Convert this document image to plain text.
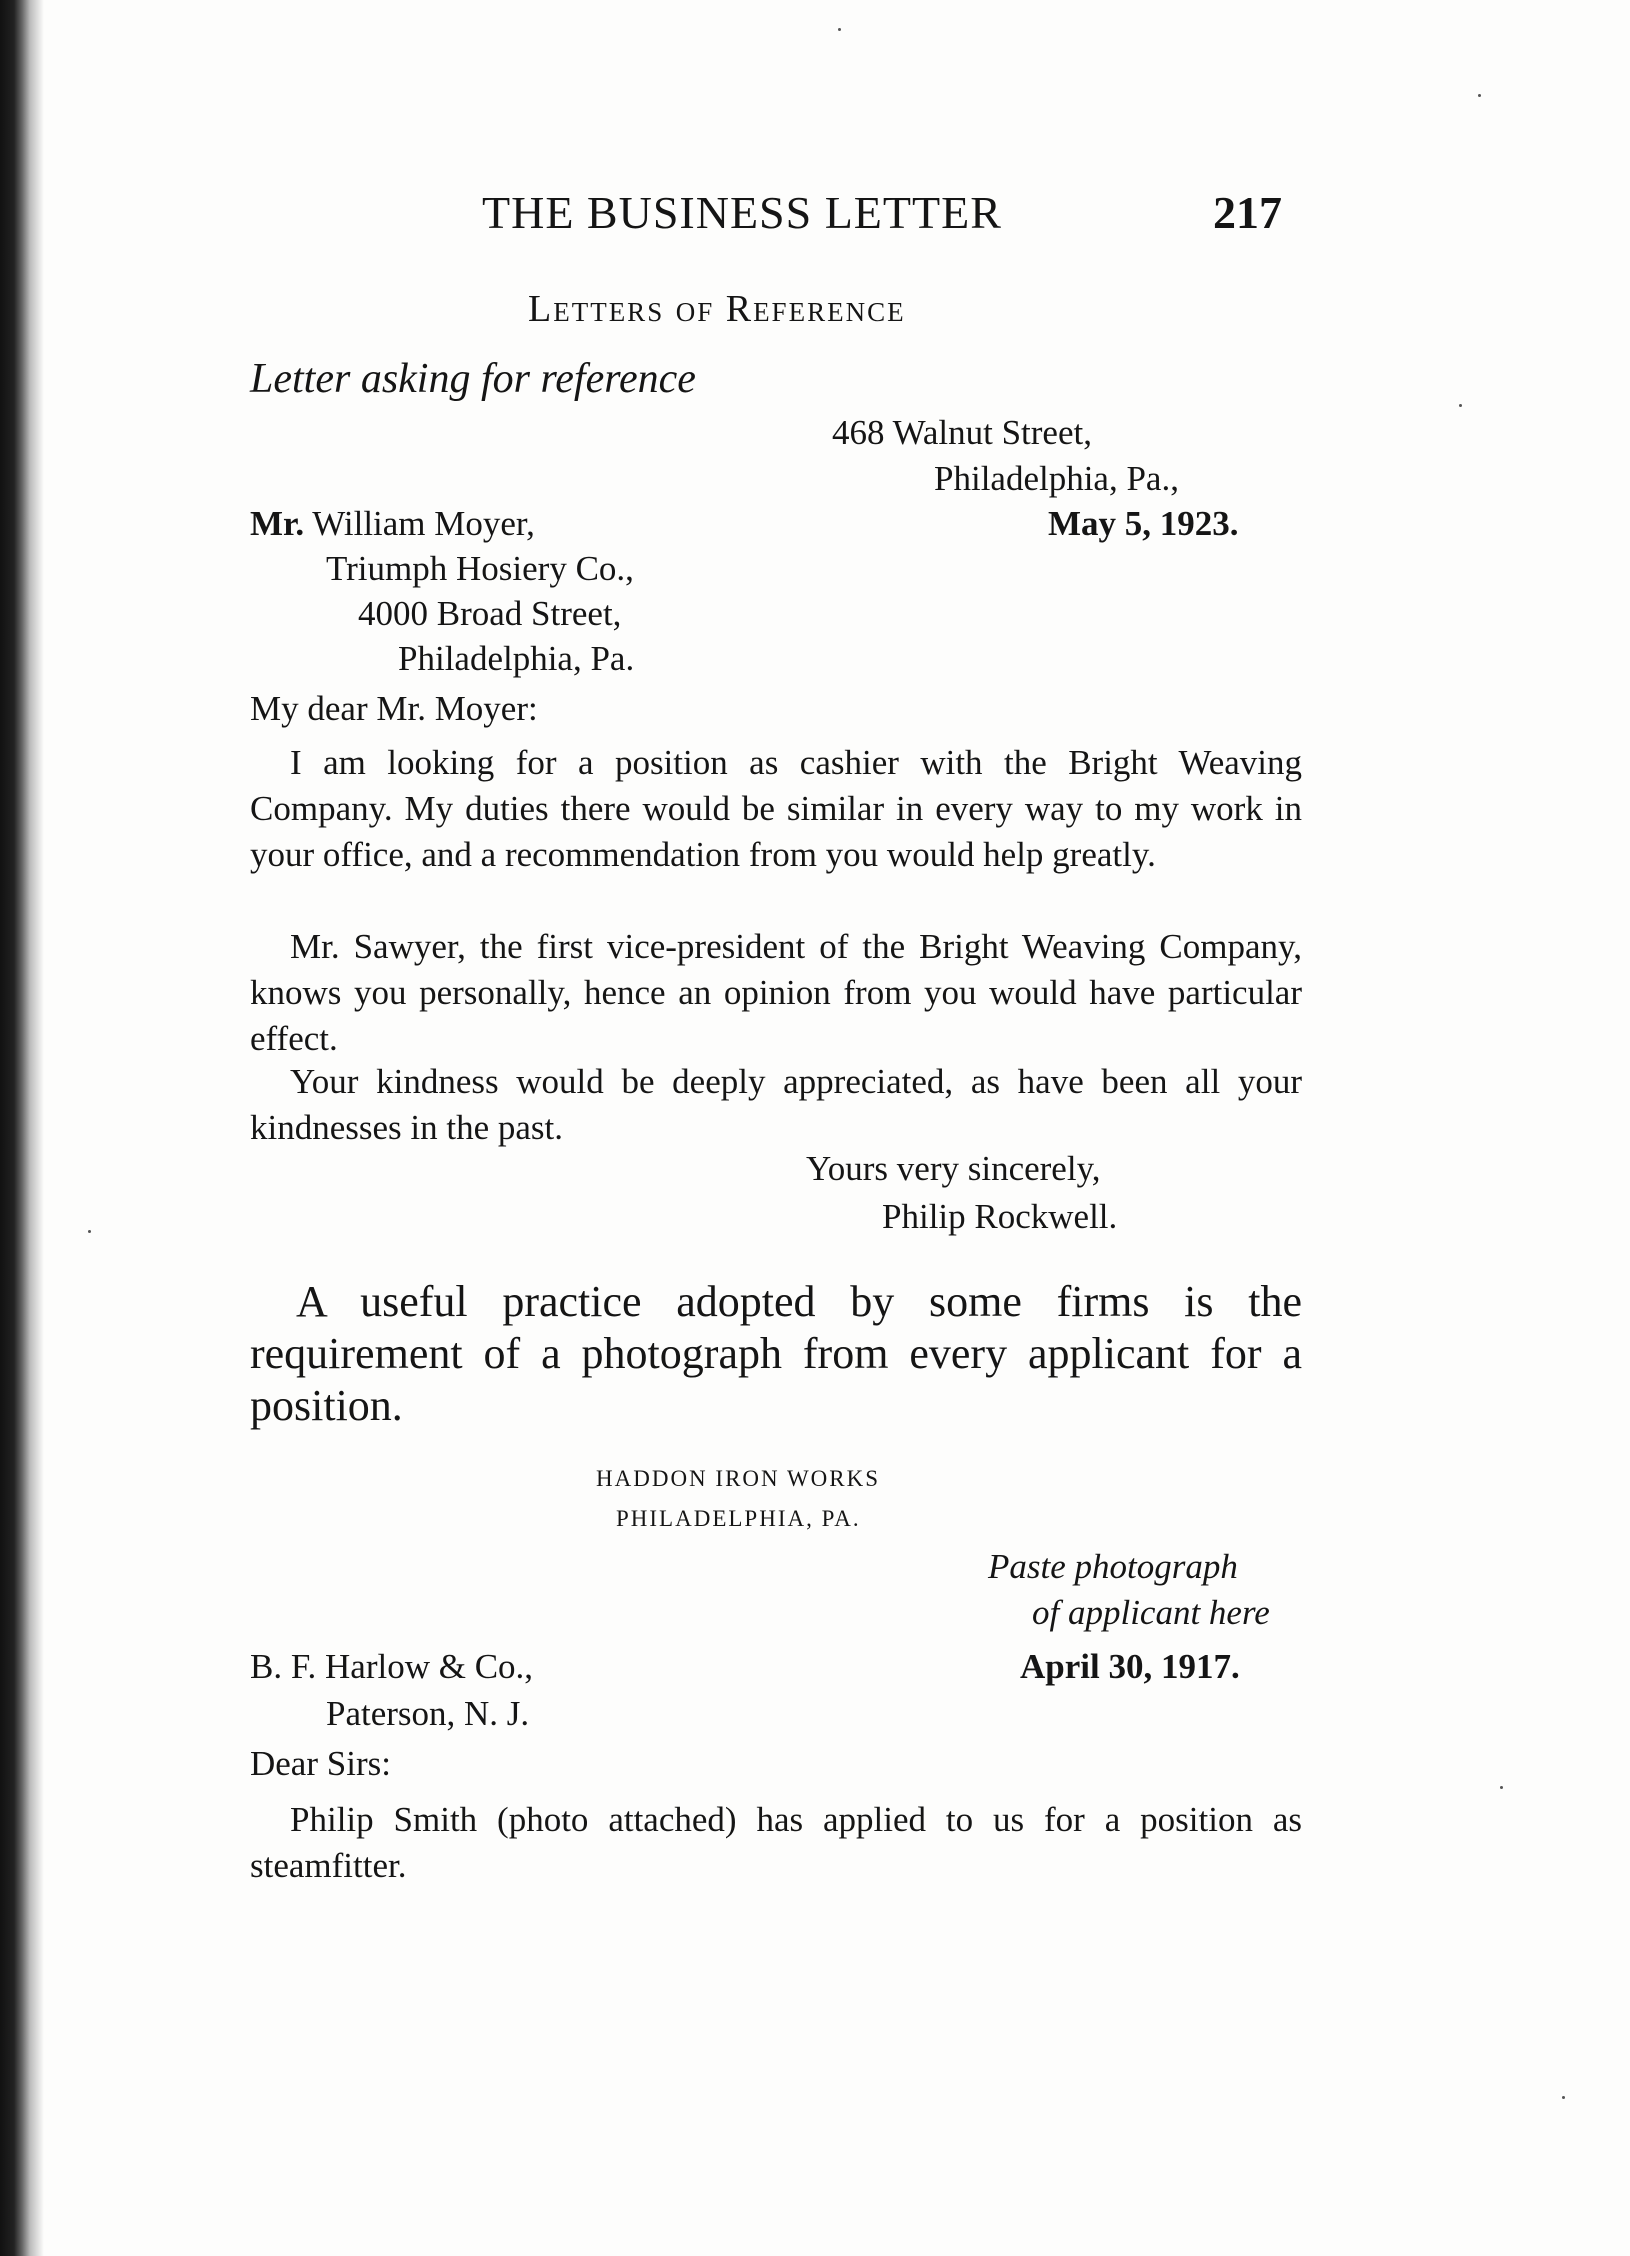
THE BUSINESS LETTER	217
Letters of Reference
Letter asking for reference
468 Walnut Street,
Philadelphia, Pa.,
May 5, 1923.
Mr. William Moyer,
Triumph Hosiery Co.,
4000 Broad Street,
Philadelphia, Pa.
My dear Mr. Moyer:

I am looking for a position as cashier with the Bright Weaving Company. My duties there would be similar in every way to my work in your office, and a recommendation from you would help greatly.

Mr. Sawyer, the first vice-president of the Bright Weaving Company, knows you personally, hence an opinion from you would have particular effect.

Your kindness would be deeply appreciated, as have been all your kindnesses in the past.

Yours very sincerely,
Philip Rockwell.

A useful practice adopted by some firms is the requirement of a photograph from every applicant for a position.

HADDON IRON WORKS
PHILADELPHIA, PA.
Paste photograph
of applicant here
B. F. Harlow & Co.,	April 30, 1917.
Paterson, N. J.
Dear Sirs:

Philip Smith (photo attached) has applied to us for a position as steamfitter.
